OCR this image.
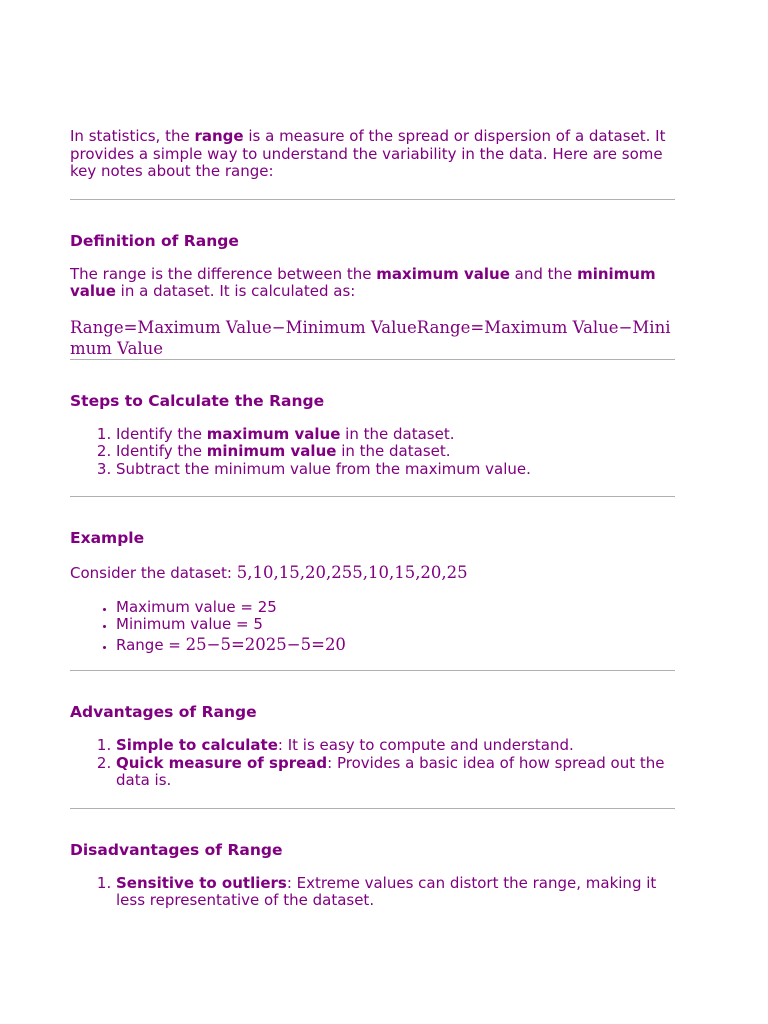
In statistics, the range is a measure of the spread or dispersion of a dataset. It provides a simple way to understand the variability in the data. Here are some key notes about the range:

Definition of Range

The range is the difference between the maximum value and the minimum value in a dataset. It is calculated as:

Range=Maximum Value−Minimum ValueRange=Maximum Value−Minimum Value

Steps to Calculate the Range
1. Identify the maximum value in the dataset.
2. Identify the minimum value in the dataset.
3. Subtract the minimum value from the maximum value.
Example

Consider the dataset: 5,10,15,20,255,10,15,20,25

• Maximum value = 25
• Minimum value = 5
• Range = 25−5=2025−5=20
Advantages of Range
1. Simple to calculate: It is easy to compute and understand.
2. Quick measure of spread: Provides a basic idea of how spread out the data is.
Disadvantages of Range
1. Sensitive to outliers: Extreme values can distort the range, making it less representative of the dataset.
